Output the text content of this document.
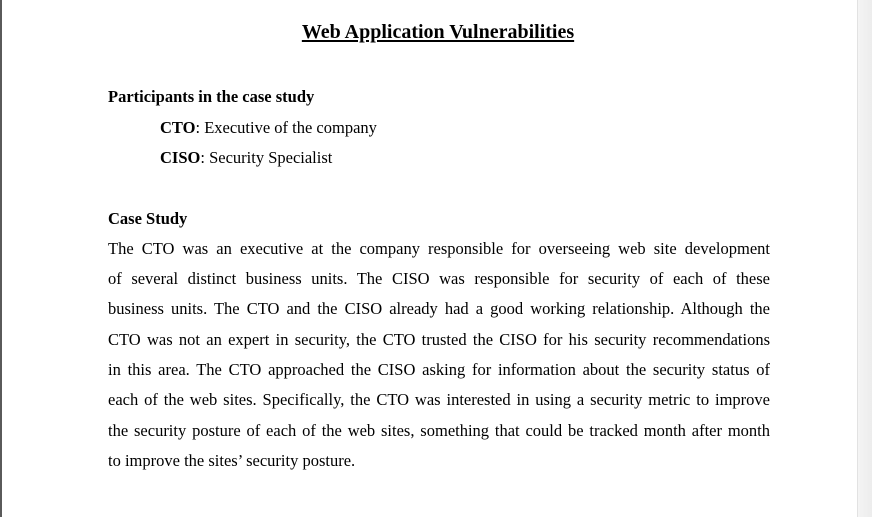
Web Application Vulnerabilities
Participants in the case study
CTO: Executive of the company
CISO: Security Specialist
Case Study
The CTO was an executive at the company responsible for overseeing web site development
of several distinct business units. The CISO was responsible for security of each of these
business units. The CTO and the CISO already had a good working relationship. Although the
CTO was not an expert in security, the CTO trusted the CISO for his security recommendations
in this area. The CTO approached the CISO asking for information about the security status of
each of the web sites. Specifically, the CTO was interested in using a security metric to improve
the security posture of each of the web sites, something that could be tracked month after month
to improve the sites’ security posture.
